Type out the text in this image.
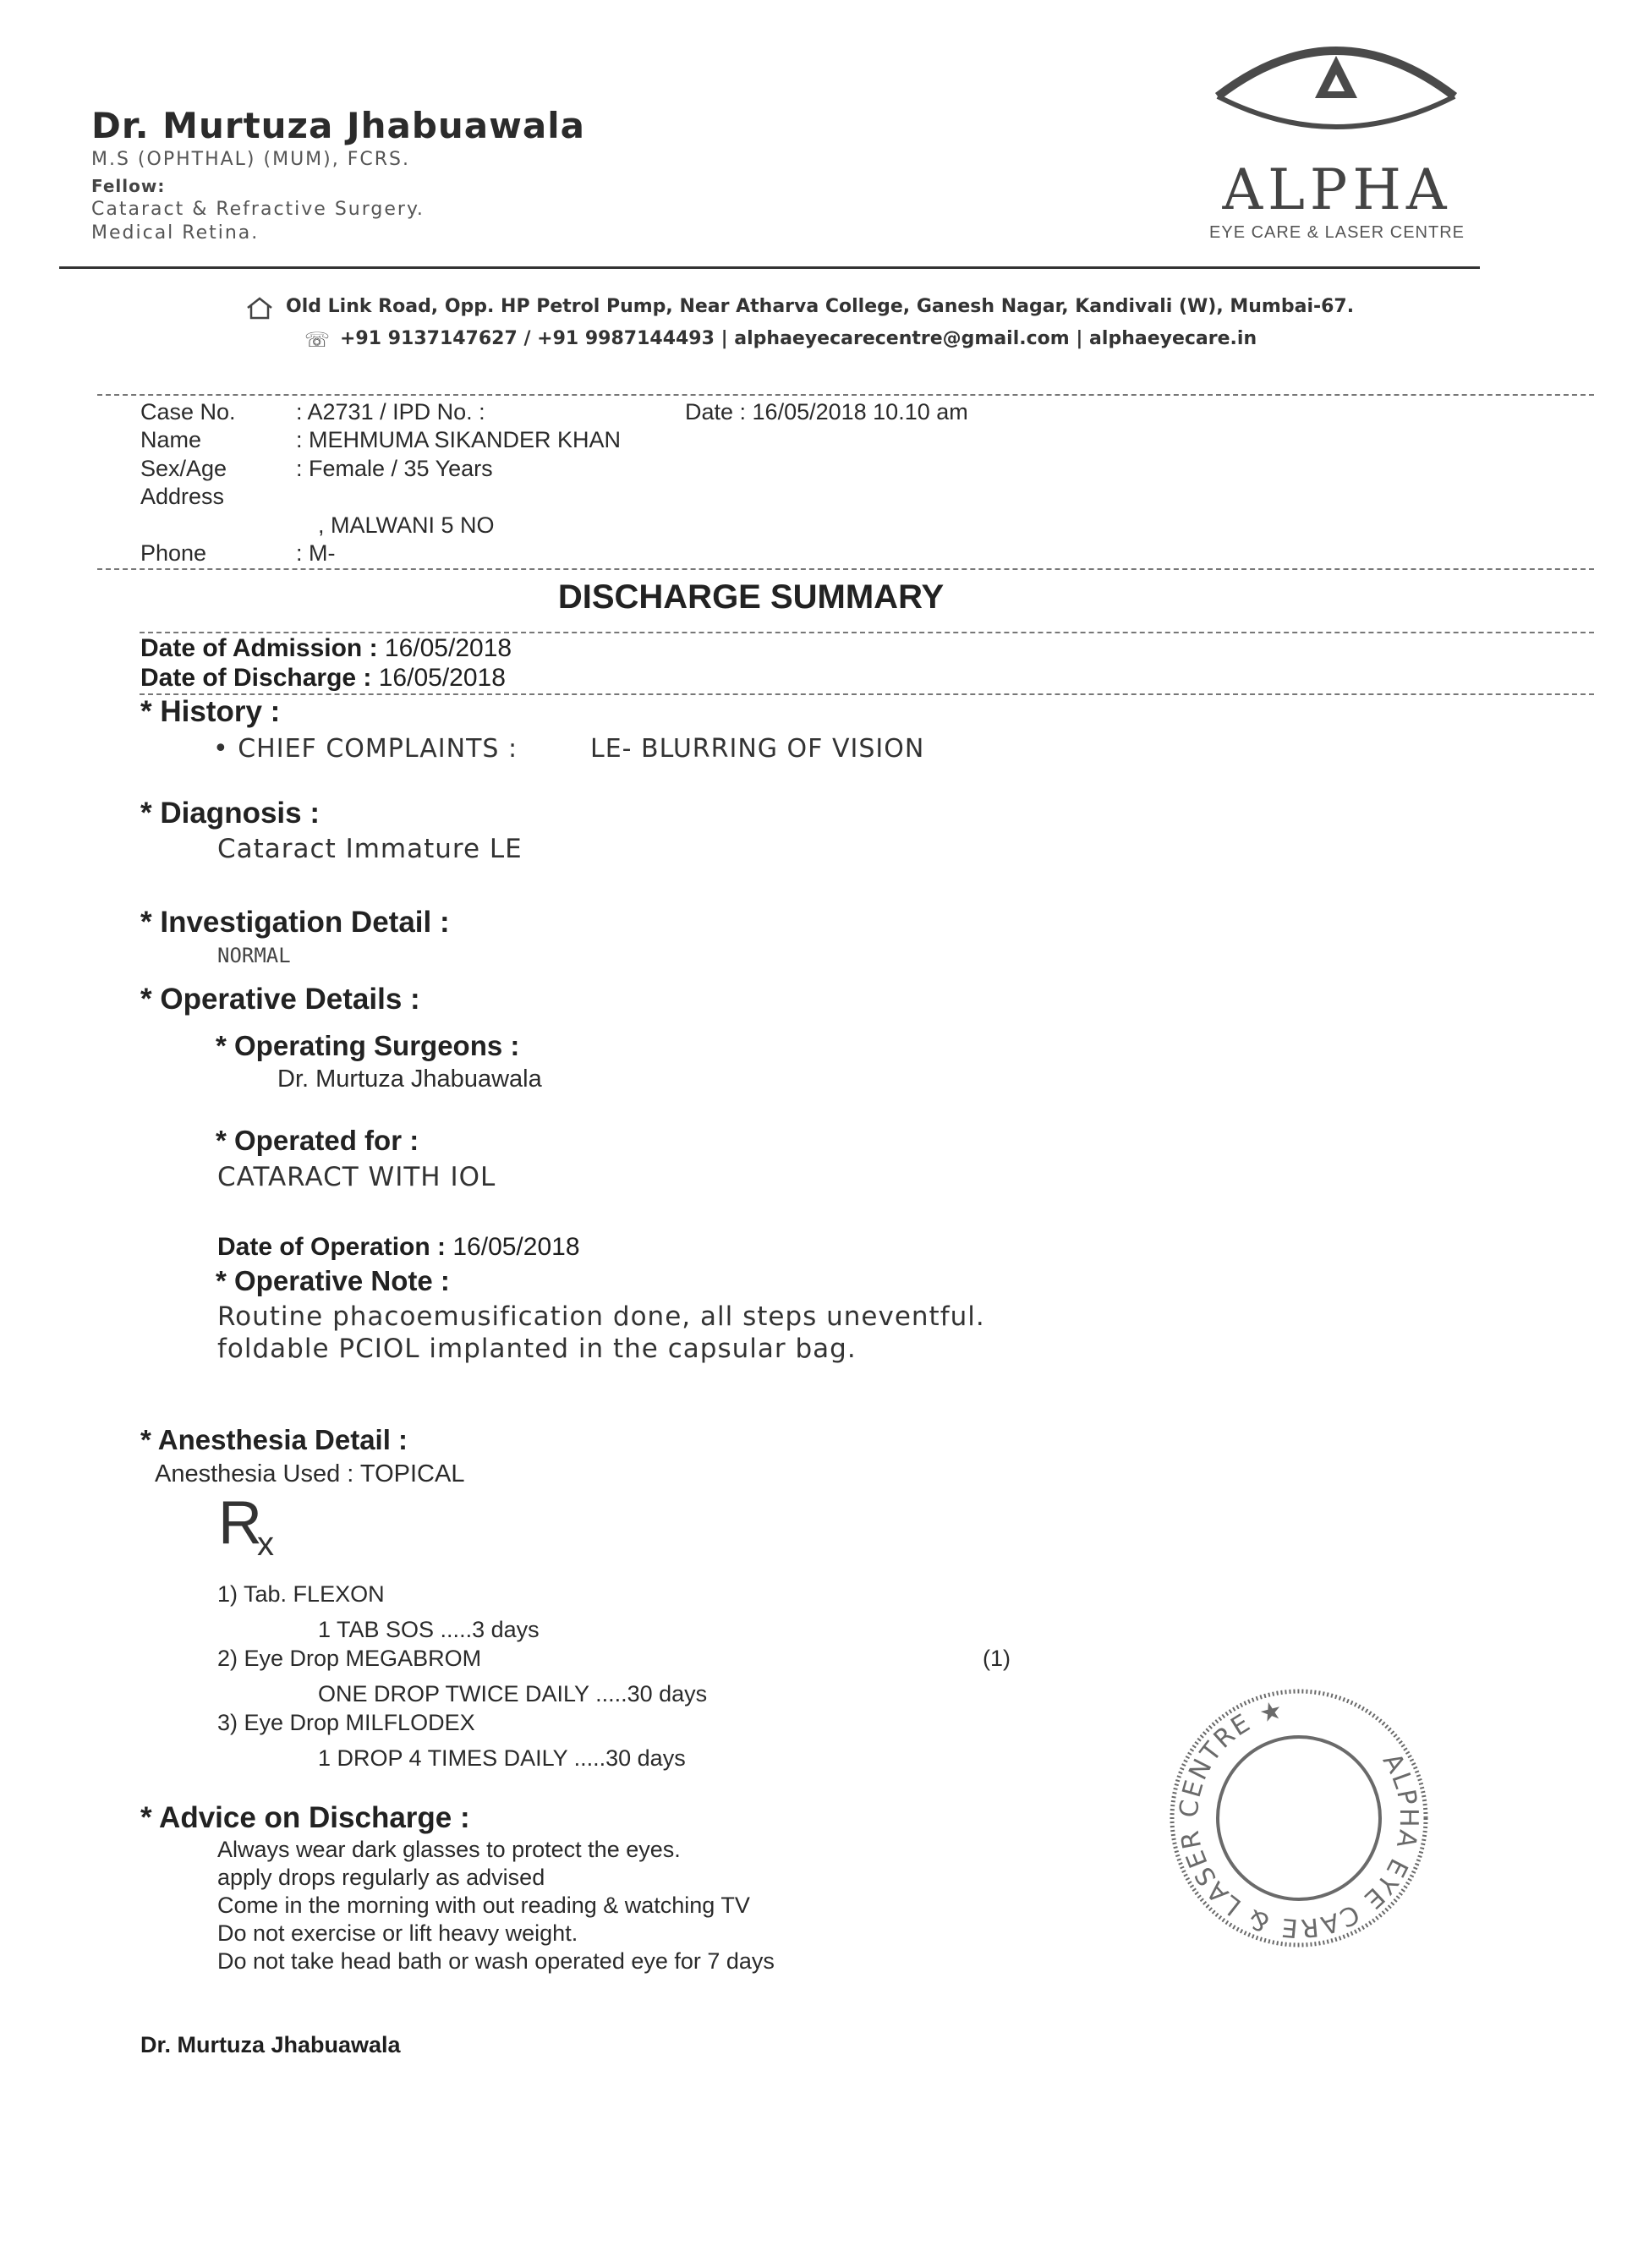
Dr. Murtuza Jhabuawala
M.S (OPHTHAL) (MUM), FCRS.
Fellow:
Cataract & Refractive Surgery.
Medical Retina.
ALPHA
EYE CARE & LASER CENTRE
Old Link Road, Opp. HP Petrol Pump, Near Atharva College, Ganesh Nagar, Kandivali (W), Mumbai-67.
☏ +91 9137147627 / +91 9987144493 | alphaeyecarecentre@gmail.com | alphaeyecare.in
Case No.	: A2731 / IPD No. :	Date : 16/05/2018 10.10 am
Name	: MEHMUMA SIKANDER KHAN
Sex/Age	: Female / 35 Years
Address
, MALWANI 5 NO
Phone	: M-
DISCHARGE SUMMARY
Date of Admission : 16/05/2018
Date of Discharge : 16/05/2018
* History :
• CHIEF COMPLAINTS :	LE- BLURRING OF VISION
* Diagnosis :
Cataract Immature LE
* Investigation Detail :
NORMAL
* Operative Details :
* Operating Surgeons :
Dr. Murtuza Jhabuawala
* Operated for :
CATARACT WITH IOL
Date of Operation : 16/05/2018
* Operative Note :
Routine phacoemusification done, all steps uneventful.
foldable PCIOL implanted in the capsular bag.
* Anesthesia Detail :
Anesthesia Used : TOPICAL
Rx
1) Tab. FLEXON
1 TAB SOS .....3 days
2) Eye Drop MEGABROM	(1)
ONE DROP TWICE DAILY .....30 days
3) Eye Drop MILFLODEX
1 DROP 4 TIMES DAILY .....30 days
* Advice on Discharge :
Always wear dark glasses to protect the eyes.
apply drops regularly as advised
Come in the morning with out reading & watching TV
Do not exercise or lift heavy weight.
Do not take head bath or wash operated eye for 7 days
Dr. Murtuza Jhabuawala
ALPHA EYE CARE & LASER CENTRE ★
